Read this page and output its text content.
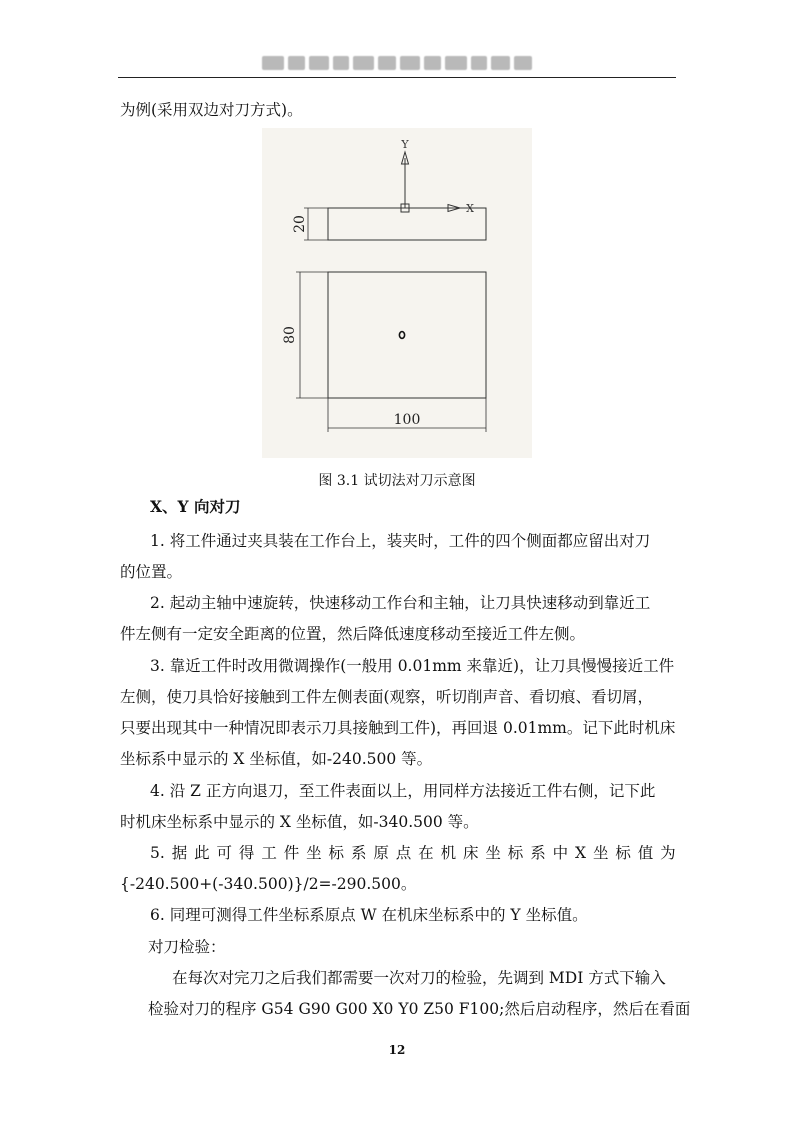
为例(采用双边对刀方式)。
Y
X
20
80
100
图 3.1 试切法对刀示意图
X、Y 向对刀
1. 将工件通过夹具装在工作台上，装夹时，工件的四个侧面都应留出对刀
的位置。
2. 起动主轴中速旋转，快速移动工作台和主轴，让刀具快速移动到靠近工
件左侧有一定安全距离的位置，然后降低速度移动至接近工件左侧。
3. 靠近工件时改用微调操作(一般用 0.01mm 来靠近)，让刀具慢慢接近工件
左侧，使刀具恰好接触到工件左侧表面(观察，听切削声音、看切痕、看切屑，
只要出现其中一种情况即表示刀具接触到工件)，再回退 0.01mm。记下此时机床
坐标系中显示的 X 坐标值，如-240.500 等。
4. 沿 Z 正方向退刀，至工件表面以上，用同样方法接近工件右侧，记下此
时机床坐标系中显示的 X 坐标值，如-340.500 等。
5. 据 此 可 得 工 件 坐 标 系 原 点 在 机 床 坐 标 系 中 X 坐 标 值 为
{-240.500+(-340.500)}/2=-290.500。
6. 同理可测得工件坐标系原点 W 在机床坐标系中的 Y 坐标值。
对刀检验：
在每次对完刀之后我们都需要一次对刀的检验，先调到 MDI 方式下输入
检验对刀的程序 G54 G90 G00 X0 Y0 Z50 F100;然后启动程序，然后在看面
12
